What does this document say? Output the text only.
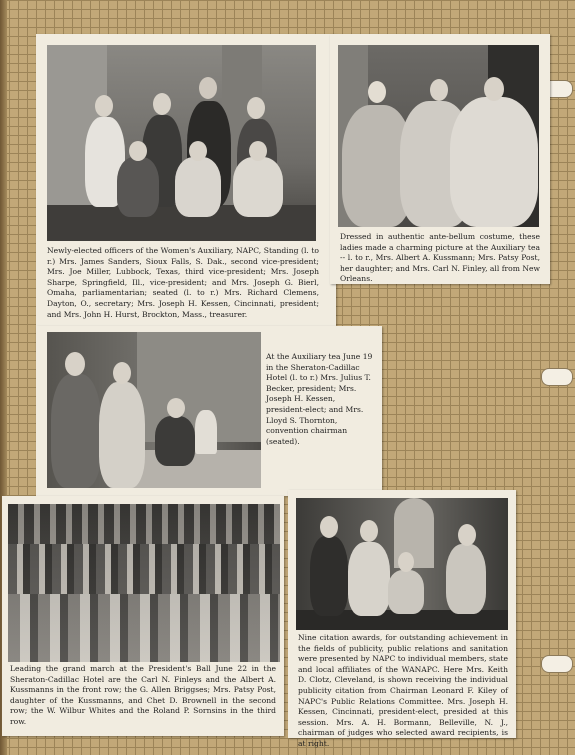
Newly-elected officers of the Women's Auxiliary, NAPC, Standing (l. to r.) Mrs. James Sanders, Sioux Falls, S. Dak., second vice-president; Mrs. Joe Miller, Lubbock, Texas, third vice-president; Mrs. Joseph Sharpe, Springfield, Ill., vice-president; and Mrs. Joseph G. Bierl, Omaha, parliamentarian; seated (l. to r.) Mrs. Richard Clemens, Dayton, O., secretary; Mrs. Joseph H. Kessen, Cincinnati, president; and Mrs. John H. Hurst, Brockton, Mass., treasurer.
Dressed in authentic ante-bellum costume, these ladies made a charming picture at the Auxiliary tea -- l. to r., Mrs. Albert A. Kussmann; Mrs. Patsy Post, her daughter; and Mrs. Carl N. Finley, all from New Orleans.
At the Auxiliary tea June 19 in the Sheraton-Cadillac Hotel (l. to r.) Mrs. Julius T. Becker, president; Mrs. Joseph H. Kessen, president-elect; and Mrs. Lloyd S. Thornton, convention chairman (seated).
Leading the grand march at the President's Ball June 22 in the Sheraton-Cadillac Hotel are the Carl N. Finleys and the Albert A. Kussmanns in the front row; the G. Allen Briggses; Mrs. Patsy Post, daughter of the Kussmanns, and Chet D. Brownell in the second row; the W. Wilbur Whites and the Roland P. Sornsins in the third row.
Nine citation awards, for outstanding achievement in the fields of publicity, public relations and sanitation were presented by NAPC to individual members, state and local affiliates of the WANAPC. Here Mrs. Keith D. Clotz, Cleveland, is shown receiving the individual publicity citation from Chairman Leonard F. Kiley of NAPC's Public Relations Committee. Mrs. Joseph H. Kessen, Cincinnati, president-elect, presided at this session. Mrs. A. H. Bormann, Belleville, N. J., chairman of judges who selected award recipients, is at right.
